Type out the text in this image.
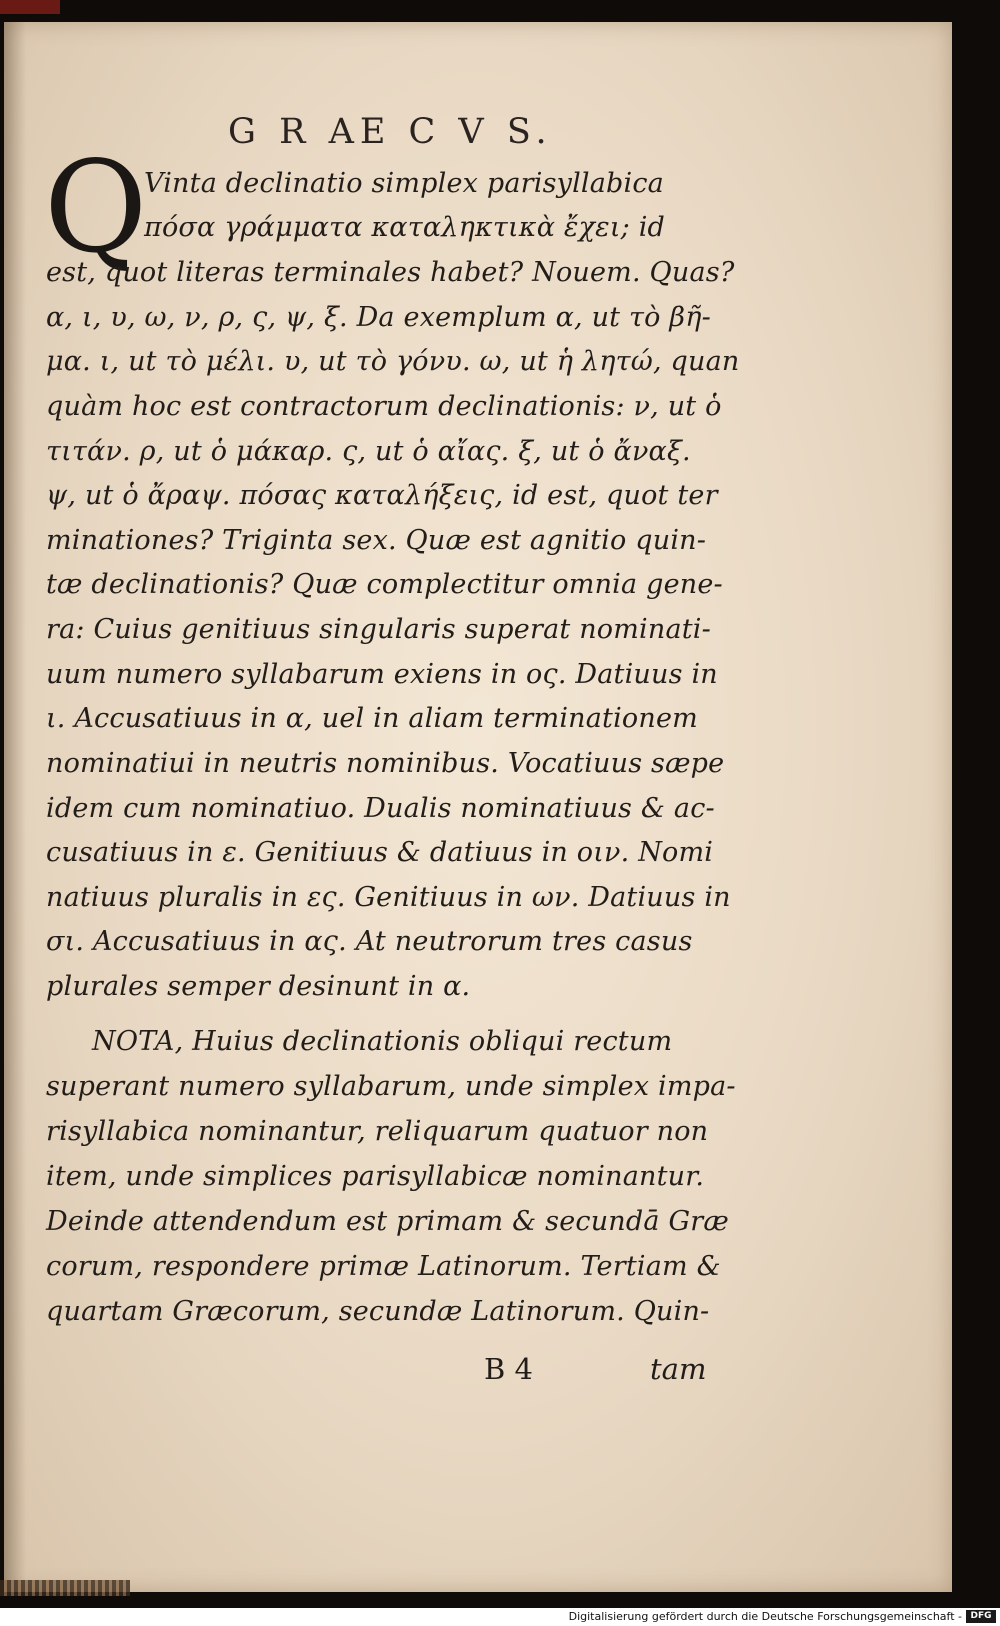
G R AE C V S.
Q
Vinta declinatio simplex parisyllabica
πόσα γράμματα καταληκτικὰ ἔχει; id
est, quot literas terminales habet? Nouem. Quas?
α, ι, υ, ω, ν, ρ, ς, ψ, ξ. Da exemplum α, ut τὸ βῆ-
μα. ι, ut τὸ μέλι. υ, ut τὸ γόνυ. ω, ut ἡ λητώ, quan
quàm hoc est contractorum declinationis: ν, ut ὁ
τιτάν. ρ, ut ὁ μάκαρ. ς, ut ὁ αἴας. ξ, ut ὁ ἄναξ.
ψ, ut ὁ ἄραψ. πόσας καταλήξεις, id est, quot ter
minationes? Triginta sex. Quæ est agnitio quin-
tæ declinationis? Quæ complectitur omnia gene-
ra: Cuius genitiuus singularis superat nominati-
uum numero syllabarum exiens in ος. Datiuus in
ι. Accusatiuus in α, uel in aliam terminationem
nominatiui in neutris nominibus. Vocatiuus sæpe
idem cum nominatiuo. Dualis nominatiuus & ac-
cusatiuus in ε. Genitiuus & datiuus in οιν. Nomi
natiuus pluralis in ες. Genitiuus in ων. Datiuus in
σι. Accusatiuus in ας. At neutrorum tres casus
plurales semper desinunt in α.
NOTA, Huius declinationis obliqui rectum
superant numero syllabarum, unde simplex impa-
risyllabica nominantur, reliquarum quatuor non
item, unde simplices parisyllabicæ nominantur.
Deinde attendendum est primam & secundā Græ
corum, respondere primæ Latinorum. Tertiam &
quartam Græcorum, secundæ Latinorum. Quin-
B 4	tam
Digitalisierung gefördert durch die Deutsche Forschungsgemeinschaft - DFG
